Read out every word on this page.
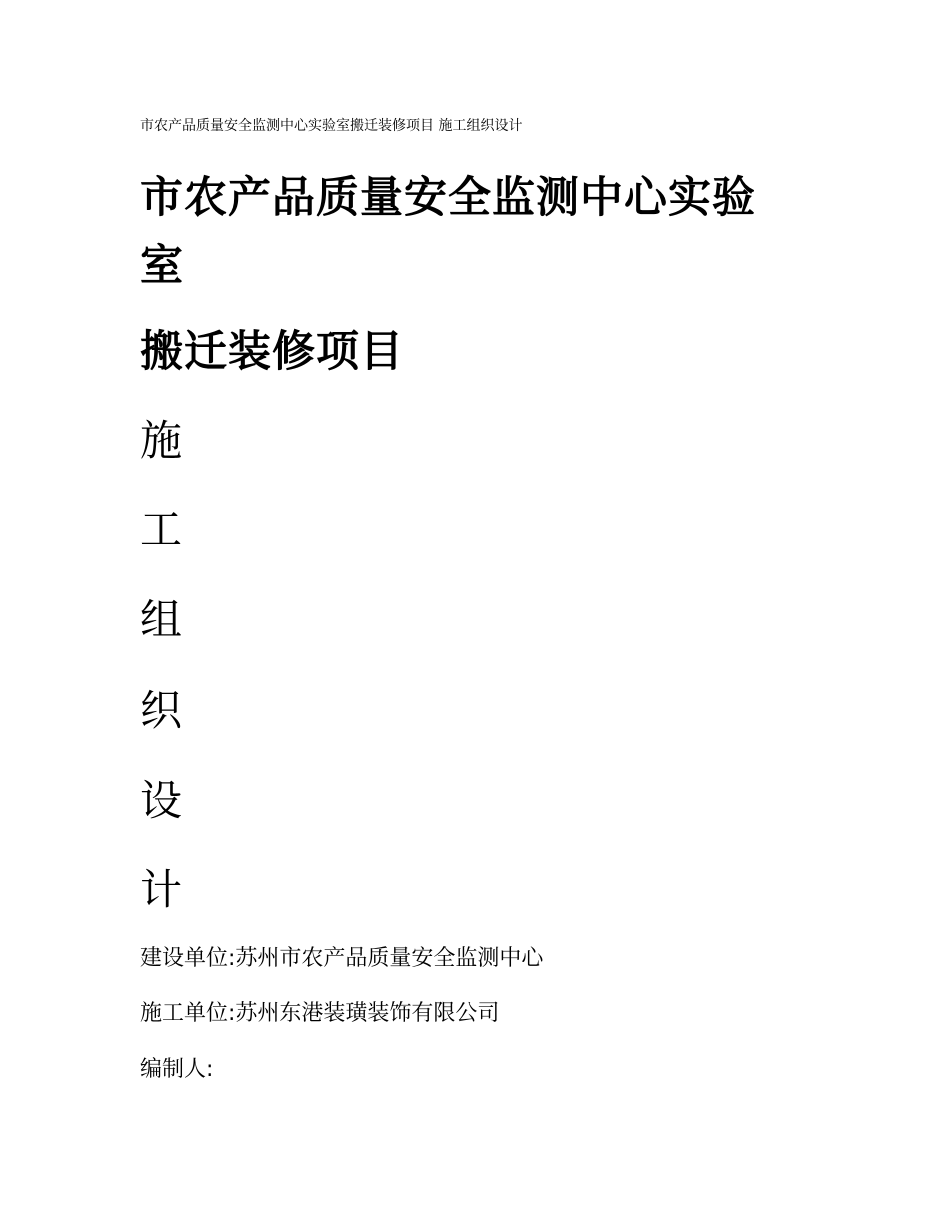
市农产品质量安全监测中心实验室搬迁装修项目 施工组织设计
市农产品质量安全监测中心实验
室
搬迁装修项目
施
工
组
织
设
计
建设单位:苏州市农产品质量安全监测中心
施工单位:苏州东港装璜装饰有限公司
编制人:
